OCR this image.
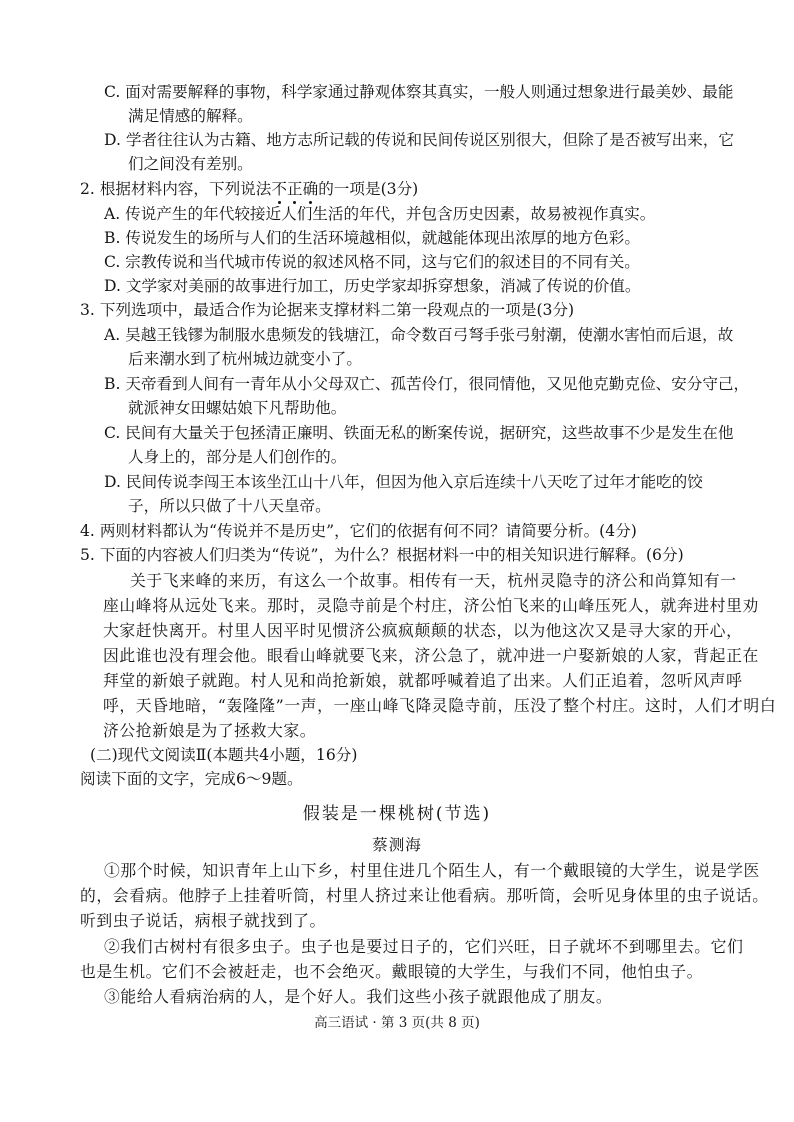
C. 面对需要解释的事物，科学家通过静观体察其真实，一般人则通过想象进行最美妙、最能
满足情感的解释。
D. 学者往往认为古籍、地方志所记载的传说和民间传说区别很大，但除了是否被写出来，它
们之间没有差别。
2. 根据材料内容，下列说法不
正
确
的一项是(3分)
A. 传说产生的年代较接近人们生活的年代，并包含历史因素，故易被视作真实。
B. 传说发生的场所与人们的生活环境越相似，就越能体现出浓厚的地方色彩。
C. 宗教传说和当代城市传说的叙述风格不同，这与它们的叙述目的不同有关。
D. 文学家对美丽的故事进行加工，历史学家却拆穿想象，消减了传说的价值。
3. 下列选项中，最适合作为论据来支撑材料二第一段观点的一项是(3分)
A. 吴越王钱镠为制服水患频发的钱塘江，命令数百弓弩手张弓射潮，使潮水害怕而后退，故
后来潮水到了杭州城边就变小了。
B. 天帝看到人间有一青年从小父母双亡、孤苦伶仃，很同情他，又见他克勤克俭、安分守己，
就派神女田螺姑娘下凡帮助他。
C. 民间有大量关于包拯清正廉明、铁面无私的断案传说，据研究，这些故事不少是发生在他
人身上的，部分是人们创作的。
D. 民间传说李闯王本该坐江山十八年，但因为他入京后连续十八天吃了过年才能吃的饺
子，所以只做了十八天皇帝。
4. 两则材料都认为“传说并不是历史”，它们的依据有何不同？请简要分析。(4分)
5. 下面的内容被人们归类为“传说”，为什么？根据材料一中的相关知识进行解释。(6分)
关于飞来峰的来历，有这么一个故事。相传有一天，杭州灵隐寺的济公和尚算知有一
座山峰将从远处飞来。那时，灵隐寺前是个村庄，济公怕飞来的山峰压死人，就奔进村里劝
大家赶快离开。村里人因平时见惯济公疯疯颠颠的状态，以为他这次又是寻大家的开心，
因此谁也没有理会他。眼看山峰就要飞来，济公急了，就冲进一户娶新娘的人家，背起正在
拜堂的新娘子就跑。村人见和尚抢新娘，就都呼喊着追了出来。人们正追着，忽听风声呼
呼，天昏地暗，“轰隆隆”一声，一座山峰飞降灵隐寺前，压没了整个村庄。这时，人们才明白
济公抢新娘是为了拯救大家。
(二)现代文阅读Ⅱ(本题共4小题，16分)
阅读下面的文字，完成6～9题。
假装是一棵桃树(节选)
蔡测海
①那个时候，知识青年上山下乡，村里住进几个陌生人，有一个戴眼镜的大学生，说是学医
的，会看病。他脖子上挂着听筒，村里人挤过来让他看病。那听筒，会听见身体里的虫子说话。
听到虫子说话，病根子就找到了。
②我们古树村有很多虫子。虫子也是要过日子的，它们兴旺，日子就坏不到哪里去。它们
也是生机。它们不会被赶走，也不会绝灭。戴眼镜的大学生，与我们不同，他怕虫子。
③能给人看病治病的人，是个好人。我们这些小孩子就跟他成了朋友。
高三语试 · 第 3 页(共 8 页)
